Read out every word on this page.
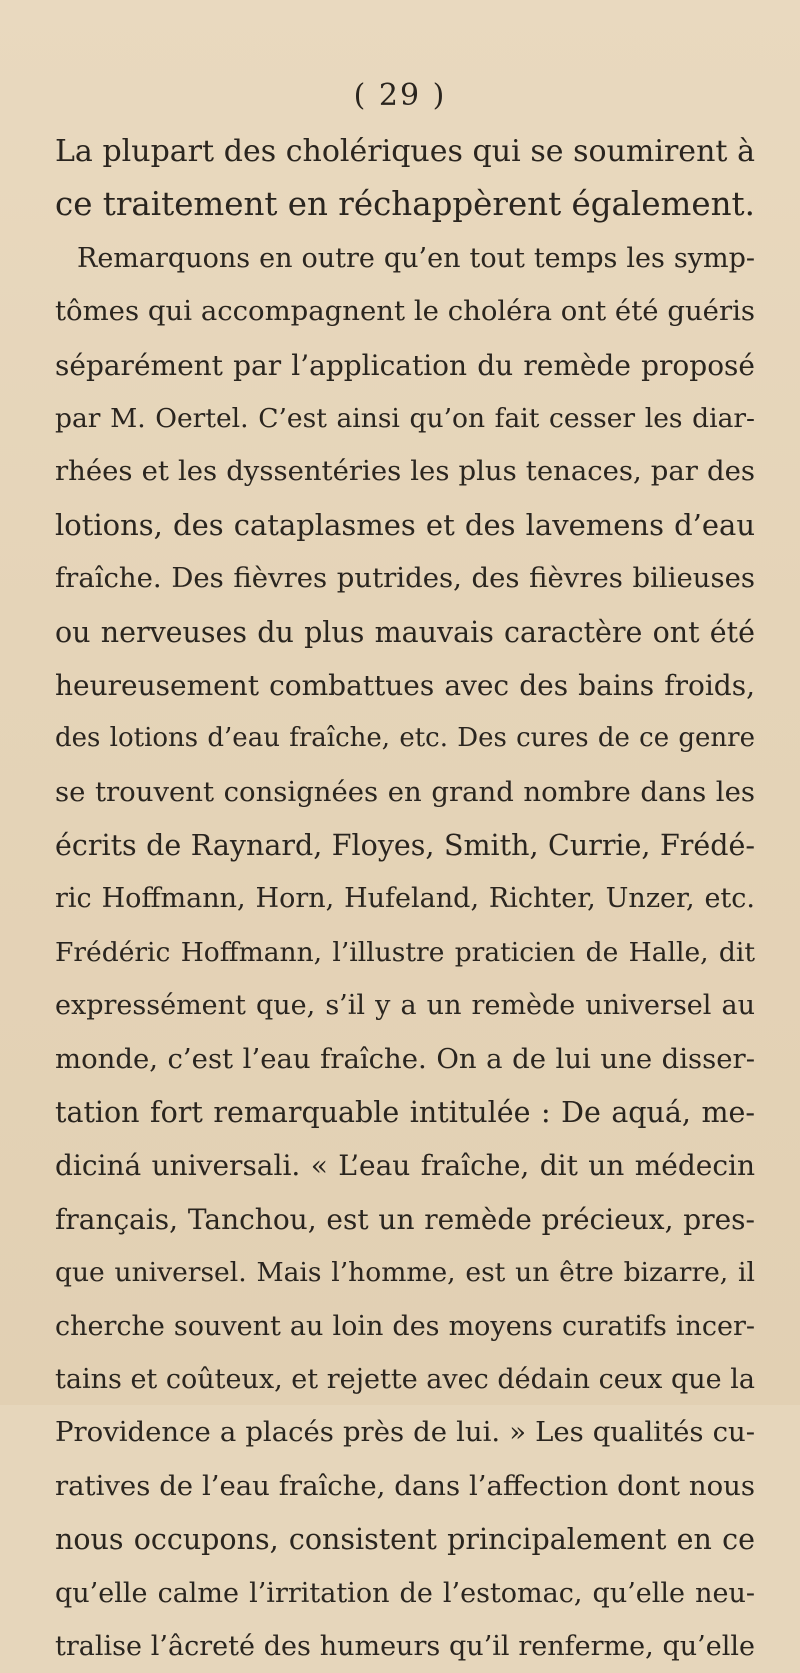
( 29 )
La plupart des cholériques qui se soumirent à
ce traitement en réchappèrent également.
Remarquons en outre qu’en tout temps les symp-
tômes qui accompagnent le choléra ont été guéris
séparément par l’application du remède proposé
par M. Oertel. C’est ainsi qu’on fait cesser les diar-
rhées et les dyssentéries les plus tenaces, par des
lotions, des cataplasmes et des lavemens d’eau
fraîche. Des fièvres putrides, des fièvres bilieuses
ou nerveuses du plus mauvais caractère ont été
heureusement combattues avec des bains froids,
des lotions d’eau fraîche, etc. Des cures de ce genre
se trouvent consignées en grand nombre dans les
écrits de Raynard, Floyes, Smith, Currie, Frédé-
ric Hoffmann, Horn, Hufeland, Richter, Unzer, etc.
Frédéric Hoffmann, l’illustre praticien de Halle, dit
expressément que, s’il y a un remède universel au
monde, c’est l’eau fraîche. On a de lui une disser-
tation fort remarquable intitulée : De aquá, me-
diciná universali. « L’eau fraîche, dit un médecin
français, Tanchou, est un remède précieux, pres-
que universel. Mais l’homme, est un être bizarre, il
cherche souvent au loin des moyens curatifs incer-
tains et coûteux, et rejette avec dédain ceux que la
Providence a placés près de lui. » Les qualités cu-
ratives de l’eau fraîche, dans l’affection dont nous
nous occupons, consistent principalement en ce
qu’elle calme l’irritation de l’estomac, qu’elle neu-
tralise l’âcreté des humeurs qu’il renferme, qu’elle
